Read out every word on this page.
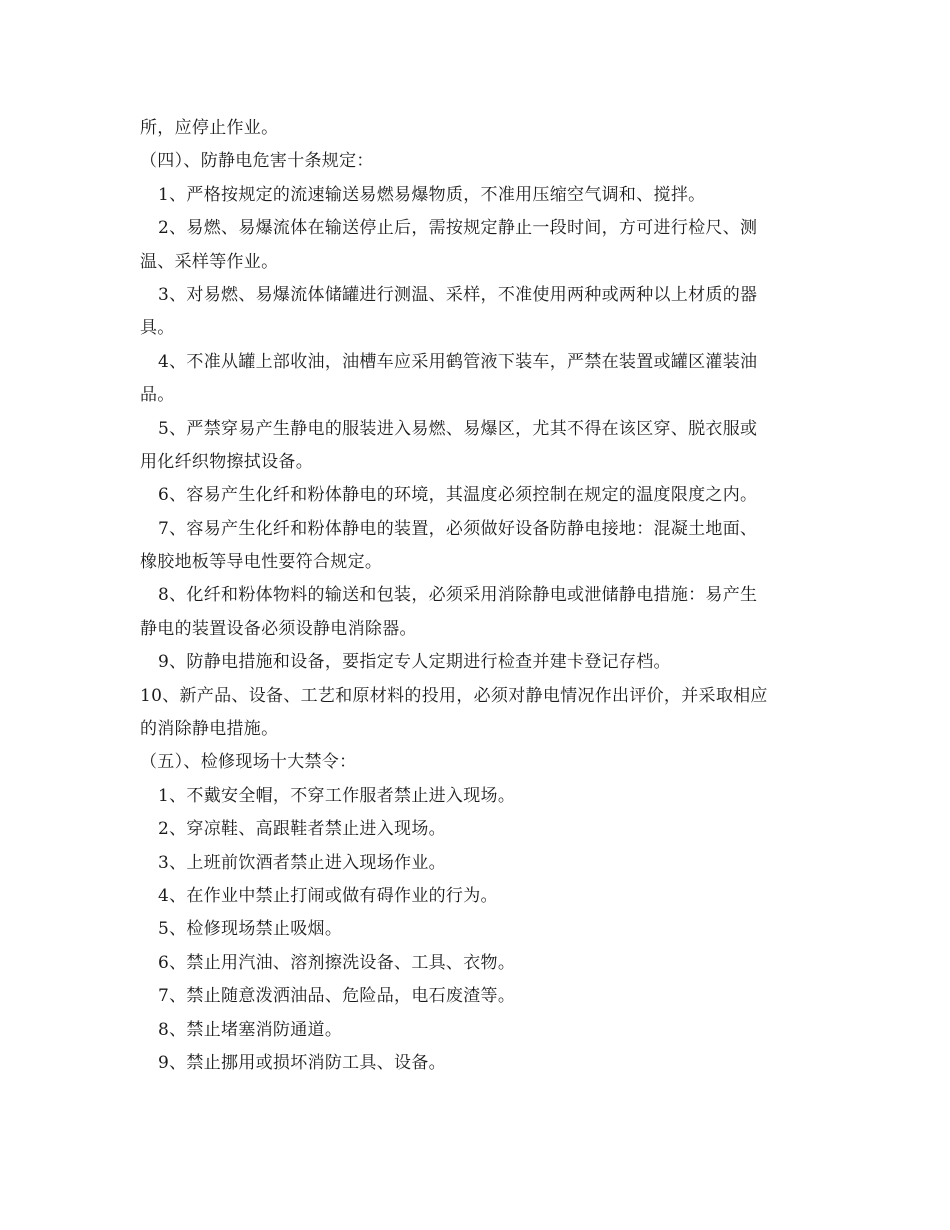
所，应停止作业。
（四）、防静电危害十条规定：
1、严格按规定的流速输送易燃易爆物质，不准用压缩空气调和、搅拌。
2、易燃、易爆流体在输送停止后，需按规定静止一段时间，方可进行检尺、测
温、采样等作业。
3、对易燃、易爆流体储罐进行测温、采样，不准使用两种或两种以上材质的器
具。
4、不准从罐上部收油，油槽车应采用鹤管液下装车，严禁在装置或罐区灌装油
品。
5、严禁穿易产生静电的服装进入易燃、易爆区，尤其不得在该区穿、脱衣服或
用化纤织物擦拭设备。
6、容易产生化纤和粉体静电的环境，其温度必须控制在规定的温度限度之内。
7、容易产生化纤和粉体静电的装置，必须做好设备防静电接地：混凝土地面、
橡胶地板等导电性要符合规定。
8、化纤和粉体物料的输送和包装，必须采用消除静电或泄储静电措施：易产生
静电的装置设备必须设静电消除器。
9、防静电措施和设备，要指定专人定期进行检查并建卡登记存档。
10、新产品、设备、工艺和原材料的投用，必须对静电情况作出评价，并采取相应
的消除静电措施。
（五）、检修现场十大禁令：
1、不戴安全帽，不穿工作服者禁止进入现场。
2、穿凉鞋、高跟鞋者禁止进入现场。
3、上班前饮酒者禁止进入现场作业。
4、在作业中禁止打闹或做有碍作业的行为。
5、检修现场禁止吸烟。
6、禁止用汽油、溶剂擦洗设备、工具、衣物。
7、禁止随意泼洒油品、危险品，电石废渣等。
8、禁止堵塞消防通道。
9、禁止挪用或损坏消防工具、设备。
